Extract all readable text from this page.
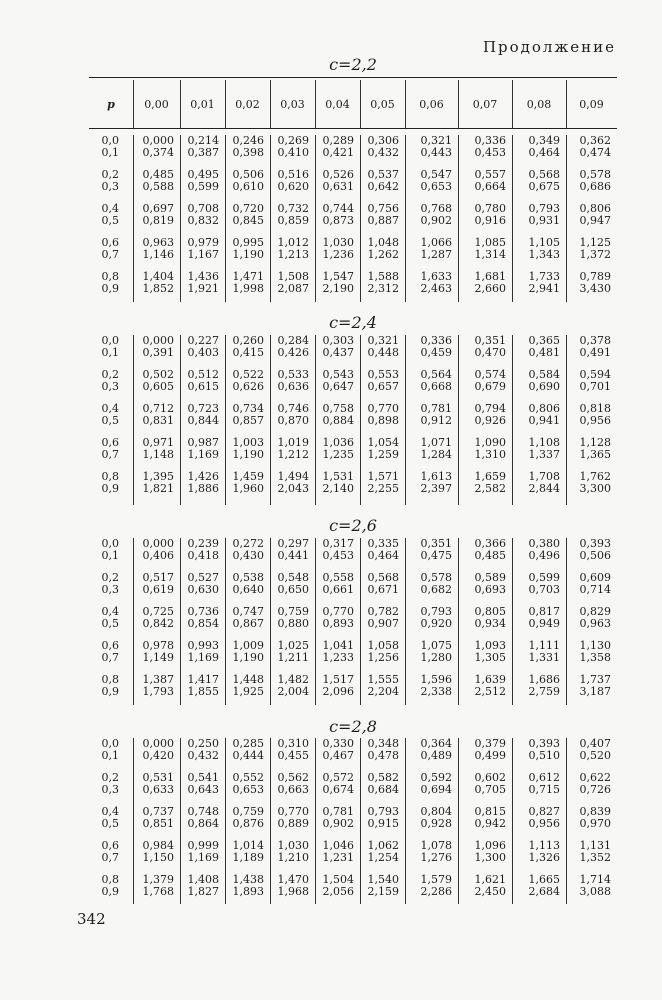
Продолжение
p	0,00	0,01	0,02	0,03	0,04	0,05	0,06	0,07	0,08	0,09
c=2,2
0,0	0,000	0,214	0,246	0,269	0,289	0,306	0,321	0,336	0,349	0,362
0,1	0,374	0,387	0,398	0,410	0,421	0,432	0,443	0,453	0,464	0,474
0,2	0,485	0,495	0,506	0,516	0,526	0,537	0,547	0,557	0,568	0,578
0,3	0,588	0,599	0,610	0,620	0,631	0,642	0,653	0,664	0,675	0,686
0,4	0,697	0,708	0,720	0,732	0,744	0,756	0,768	0,780	0,793	0,806
0,5	0,819	0,832	0,845	0,859	0,873	0,887	0,902	0,916	0,931	0,947
0,6	0,963	0,979	0,995	1,012	1,030	1,048	1,066	1,085	1,105	1,125
0,7	1,146	1,167	1,190	1,213	1,236	1,262	1,287	1,314	1,343	1,372
0,8	1,404	1,436	1,471	1,508	1,547	1,588	1,633	1,681	1,733	0,789
0,9	1,852	1,921	1,998	2,087	2,190	2,312	2,463	2,660	2,941	3,430
c=2,4
0,0	0,000	0,227	0,260	0,284	0,303	0,321	0,336	0,351	0,365	0,378
0,1	0,391	0,403	0,415	0,426	0,437	0,448	0,459	0,470	0,481	0,491
0,2	0,502	0,512	0,522	0,533	0,543	0,553	0,564	0,574	0,584	0,594
0,3	0,605	0,615	0,626	0,636	0,647	0,657	0,668	0,679	0,690	0,701
0,4	0,712	0,723	0,734	0,746	0,758	0,770	0,781	0,794	0,806	0,818
0,5	0,831	0,844	0,857	0,870	0,884	0,898	0,912	0,926	0,941	0,956
0,6	0,971	0,987	1,003	1,019	1,036	1,054	1,071	1,090	1,108	1,128
0,7	1,148	1,169	1,190	1,212	1,235	1,259	1,284	1,310	1,337	1,365
0,8	1,395	1,426	1,459	1,494	1,531	1,571	1,613	1,659	1,708	1,762
0,9	1,821	1,886	1,960	2,043	2,140	2,255	2,397	2,582	2,844	3,300
c=2,6
0,0	0,000	0,239	0,272	0,297	0,317	0,335	0,351	0,366	0,380	0,393
0,1	0,406	0,418	0,430	0,441	0,453	0,464	0,475	0,485	0,496	0,506
0,2	0,517	0,527	0,538	0,548	0,558	0,568	0,578	0,589	0,599	0,609
0,3	0,619	0,630	0,640	0,650	0,661	0,671	0,682	0,693	0,703	0,714
0,4	0,725	0,736	0,747	0,759	0,770	0,782	0,793	0,805	0,817	0,829
0,5	0,842	0,854	0,867	0,880	0,893	0,907	0,920	0,934	0,949	0,963
0,6	0,978	0,993	1,009	1,025	1,041	1,058	1,075	1,093	1,111	1,130
0,7	1,149	1,169	1,190	1,211	1,233	1,256	1,280	1,305	1,331	1,358
0,8	1,387	1,417	1,448	1,482	1,517	1,555	1,596	1,639	1,686	1,737
0,9	1,793	1,855	1,925	2,004	2,096	2,204	2,338	2,512	2,759	3,187
c=2,8
0,0	0,000	0,250	0,285	0,310	0,330	0,348	0,364	0,379	0,393	0,407
0,1	0,420	0,432	0,444	0,455	0,467	0,478	0,489	0,499	0,510	0,520
0,2	0,531	0,541	0,552	0,562	0,572	0,582	0,592	0,602	0,612	0,622
0,3	0,633	0,643	0,653	0,663	0,674	0,684	0,694	0,705	0,715	0,726
0,4	0,737	0,748	0,759	0,770	0,781	0,793	0,804	0,815	0,827	0,839
0,5	0,851	0,864	0,876	0,889	0,902	0,915	0,928	0,942	0,956	0,970
0,6	0,984	0,999	1,014	1,030	1,046	1,062	1,078	1,096	1,113	1,131
0,7	1,150	1,169	1,189	1,210	1,231	1,254	1,276	1,300	1,326	1,352
0,8	1,379	1,408	1,438	1,470	1,504	1,540	1,579	1,621	1,665	1,714
0,9	1,768	1,827	1,893	1,968	2,056	2,159	2,286	2,450	2,684	3,088
342
